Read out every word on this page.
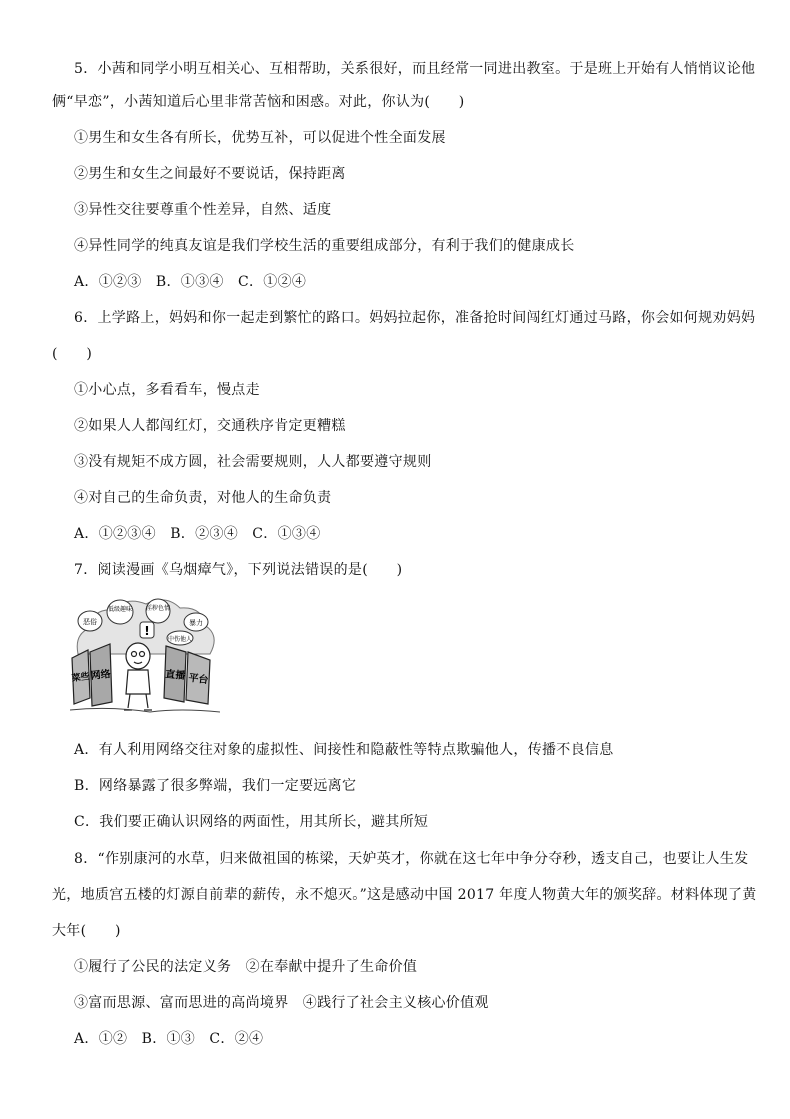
5．小茜和同学小明互相关心、互相帮助，关系很好，而且经常一同进出教室。于是班上开始有人悄悄议论他
俩“早恋”，小茜知道后心里非常苦恼和困惑。对此，你认为(　　)
①男生和女生各有所长，优势互补，可以促进个性全面发展
②男生和女生之间最好不要说话，保持距离
③异性交往要尊重个性差异，自然、适度
④异性同学的纯真友谊是我们学校生活的重要组成部分，有利于我们的健康成长
A．①②③　B．①③④　C．①②④
6．上学路上，妈妈和你一起走到繁忙的路口。妈妈拉起你，准备抢时间闯红灯通过马路，你会如何规劝妈妈
(　　)
①小心点，多看看车，慢点走
②如果人人都闯红灯，交通秩序肯定更糟糕
③没有规矩不成方圆，社会需要规则，人人都要遵守规则
④对自己的生命负责，对他人的生命负责
A．①②③④　B．②③④　C．①③④
7．阅读漫画《乌烟瘴气》，下列说法错误的是(　　)
恶俗
低级趣味 淫秽色情
暴力
中伤他人
!
菜些 网络	直播 平台
A．有人利用网络交往对象的虚拟性、间接性和隐蔽性等特点欺骗他人，传播不良信息
B．网络暴露了很多弊端，我们一定要远离它
C．我们要正确认识网络的两面性，用其所长，避其所短
8．“作别康河的水草，归来做祖国的栋梁，天妒英才，你就在这七年中争分夺秒，透支自己，也要让人生发
光，地质宫五楼的灯源自前辈的薪传，永不熄灭。”这是感动中国 2017 年度人物黄大年的颁奖辞。材料体现了黄
大年(　　)
①履行了公民的法定义务　②在奉献中提升了生命价值
③富而思源、富而思进的高尚境界　④践行了社会主义核心价值观
A．①②　B．①③　C．②④
